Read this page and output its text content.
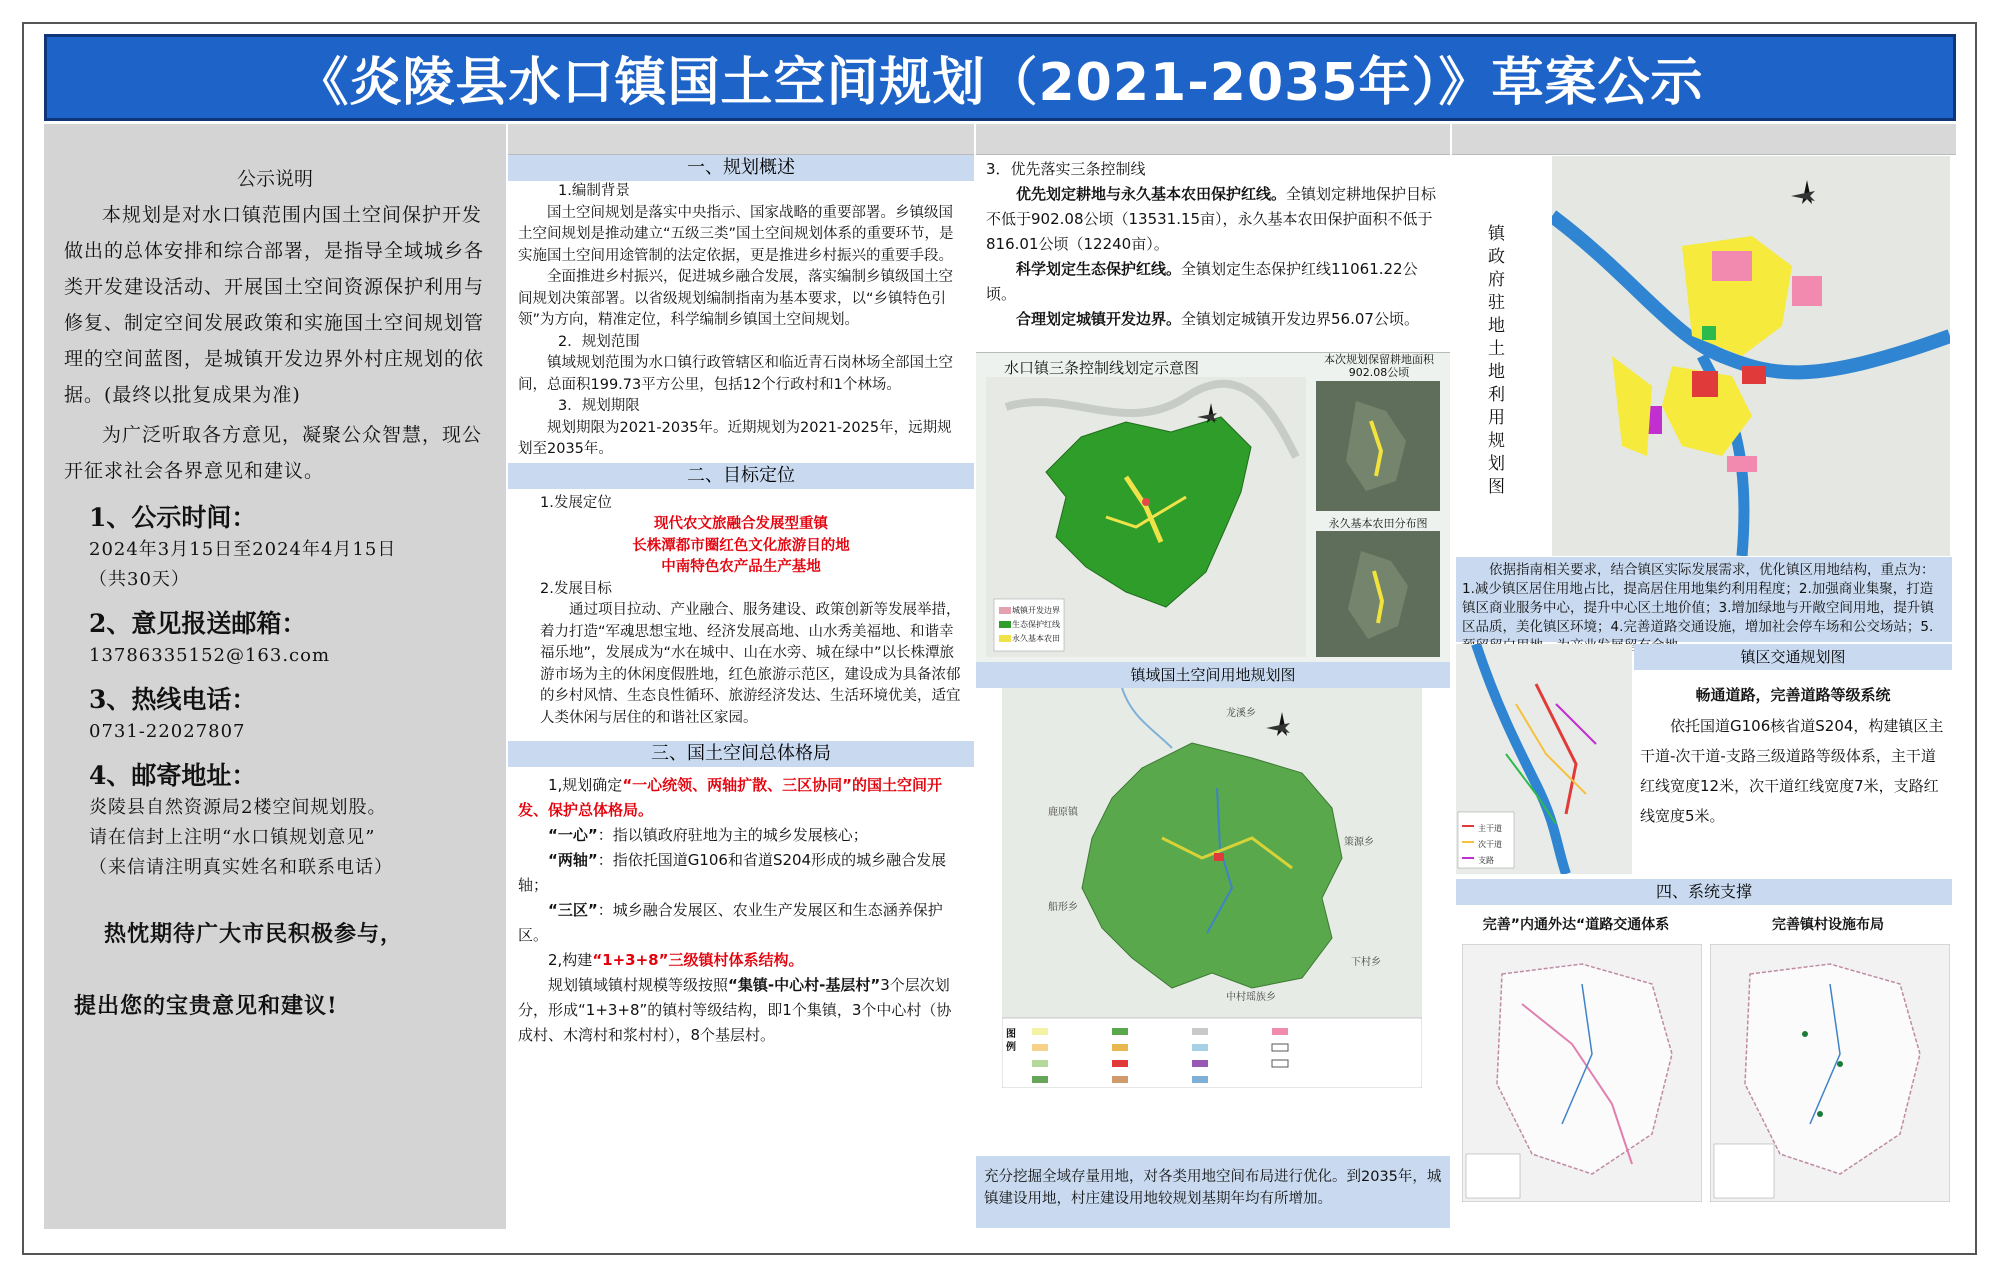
《炎陵县水口镇国土空间规划（2021-2035年）》草案公示
公示说明
本规划是对水口镇范围内国土空间保护开发做出的总体安排和综合部署，是指导全域城乡各类开发建设活动、开展国土空间资源保护利用与修复、制定空间发展政策和实施国土空间规划管理的空间蓝图，是城镇开发边界外村庄规划的依据。(最终以批复成果为准)
为广泛听取各方意见，凝聚公众智慧，现公开征求社会各界意见和建议。
1、公示时间：
2024年3月15日至2024年4月15日
（共30天）
2、意见报送邮箱：
13786335152@163.com
3、热线电话：
0731-22027807
4、邮寄地址：
炎陵县自然资源局2楼空间规划股。
请在信封上注明“水口镇规划意见”
（来信请注明真实姓名和联系电话）
热忱期待广大市民积极参与，
提出您的宝贵意见和建议!
一、规划概述

1.编制背景

国土空间规划是落实中央指示、国家战略的重要部署。乡镇级国土空间规划是推动建立“五级三类”国土空间规划体系的重要环节，是实施国土空间用途管制的法定依据，更是推进乡村振兴的重要手段。

全面推进乡村振兴，促进城乡融合发展，落实编制乡镇级国土空间规划决策部署。以省级规划编制指南为基本要求，以“乡镇特色引领”为方向，精准定位，科学编制乡镇国土空间规划。

2．规划范围

镇域规划范围为水口镇行政管辖区和临近青石岗林场全部国土空间，总面积199.73平方公里，包括12个行政村和1个林场。

3．规划期限

规划期限为2021-2035年。近期规划为2021-2025年，远期规划至2035年。

二、目标定位

1.发展定位

现代农文旅融合发展型重镇

长株潭都市圈红色文化旅游目的地

中南特色农产品生产基地

2.发展目标

通过项目拉动、产业融合、服务建设、政策创新等发展举措，着力打造“军魂思想宝地、经济发展高地、山水秀美福地、和谐幸福乐地”，发展成为“水在城中、山在水旁、城在绿中”以长株潭旅游市场为主的休闲度假胜地，红色旅游示范区，建设成为具备浓郁的乡村风情、生态良性循环、旅游经济发达、生活环境优美，适宜人类休闲与居住的和谐社区家园。

三、国土空间总体格局

1,规划确定“一心统领、两轴扩散、三区协同”的国土空间开发、保护总体格局。

“一心”：指以镇政府驻地为主的城乡发展核心；

“两轴”：指依托国道G106和省道S204形成的城乡融合发展轴；

“三区”：城乡融合发展区、农业生产发展区和生态涵养保护区。

2,构建“1+3+8”三级镇村体系结构。

规划镇域镇村规模等级按照“集镇-中心村-基层村”3个层次划分，形成“1+3+8”的镇村等级结构，即1个集镇，3个中心村（协成村、木湾村和浆村村），8个基层村。

3．优先落实三条控制线

优先划定耕地与永久基本农田保护红线。全镇划定耕地保护目标不低于902.08公顷（13531.15亩），永久基本农田保护面积不低于816.01公顷（12240亩）。

科学划定生态保护红线。全镇划定生态保护红线11061.22公顷。

合理划定城镇开发边界。全镇划定城镇开发边界56.07公顷。

水口镇三条控制线划定示意图
城镇开发边界
生态保护红线
永久基本农田
本次规划保留耕地面积902.08公顷
永久基本农田分布图
镇域国土空间用地规划图
图例
龙溪乡
鹿原镇
策源乡
船形乡
下村乡
中村瑶族乡
充分挖掘全域存量用地，对各类用地空间布局进行优化。到2035年，城镇建设用地，村庄建设用地较规划基期年均有所增加。
镇政府驻地土地利用规划图
依据指南相关要求，结合镇区实际发展需求，优化镇区用地结构，重点为：1.减少镇区居住用地占比，提高居住用地集约利用程度；2.加强商业集聚，打造镇区商业服务中心，提升中心区土地价值；3.增加绿地与开敞空间用地，提升镇区品质，美化镇区环境；4.完善道路交通设施，增加社会停车场和公交场站；5.
主干道
次干道
支路
镇区交通规划图
畅通道路，完善道路等级系统
依托国道G106核省道S204，构建镇区主干道-次干道-支路三级道路等级体系，主干道红线宽度12米，次干道红线宽度7米，支路红线宽度5米。
四、系统支撑
完善”内通外达“道路交通体系	完善镇村设施布局
